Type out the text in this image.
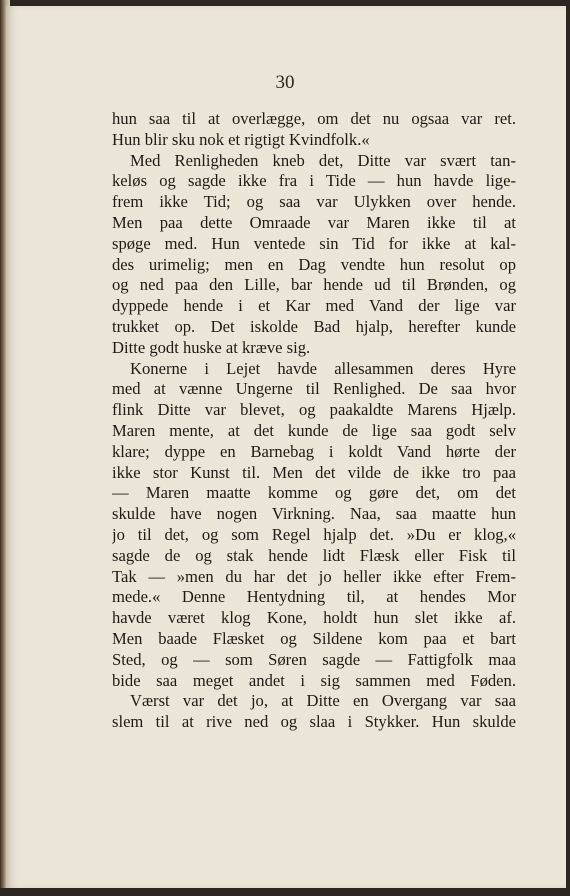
30
hun saa til at overlægge, om det nu ogsaa var ret.
Hun blir sku nok et rigtigt Kvindfolk.«
Med Renligheden kneb det, Ditte var svært tan-
keløs og sagde ikke fra i Tide — hun havde lige-
frem ikke Tid; og saa var Ulykken over hende.
Men paa dette Omraade var Maren ikke til at
spøge med. Hun ventede sin Tid for ikke at kal-
des urimelig; men en Dag vendte hun resolut op
og ned paa den Lille, bar hende ud til Brønden, og
dyppede hende i et Kar med Vand der lige var
trukket op. Det iskolde Bad hjalp, herefter kunde
Ditte godt huske at kræve sig.
Konerne i Lejet havde allesammen deres Hyre
med at vænne Ungerne til Renlighed. De saa hvor
flink Ditte var blevet, og paakaldte Marens Hjælp.
Maren mente, at det kunde de lige saa godt selv
klare; dyppe en Barnebag i koldt Vand hørte der
ikke stor Kunst til. Men det vilde de ikke tro paa
— Maren maatte komme og gøre det, om det
skulde have nogen Virkning. Naa, saa maatte hun
jo til det, og som Regel hjalp det. »Du er klog,«
sagde de og stak hende lidt Flæsk eller Fisk til
Tak — »men du har det jo heller ikke efter Frem-
mede.« Denne Hentydning til, at hendes Mor
havde været klog Kone, holdt hun slet ikke af.
Men baade Flæsket og Sildene kom paa et bart
Sted, og — som Søren sagde — Fattigfolk maa
bide saa meget andet i sig sammen med Føden.
Værst var det jo, at Ditte en Overgang var saa
slem til at rive ned og slaa i Stykker. Hun skulde
